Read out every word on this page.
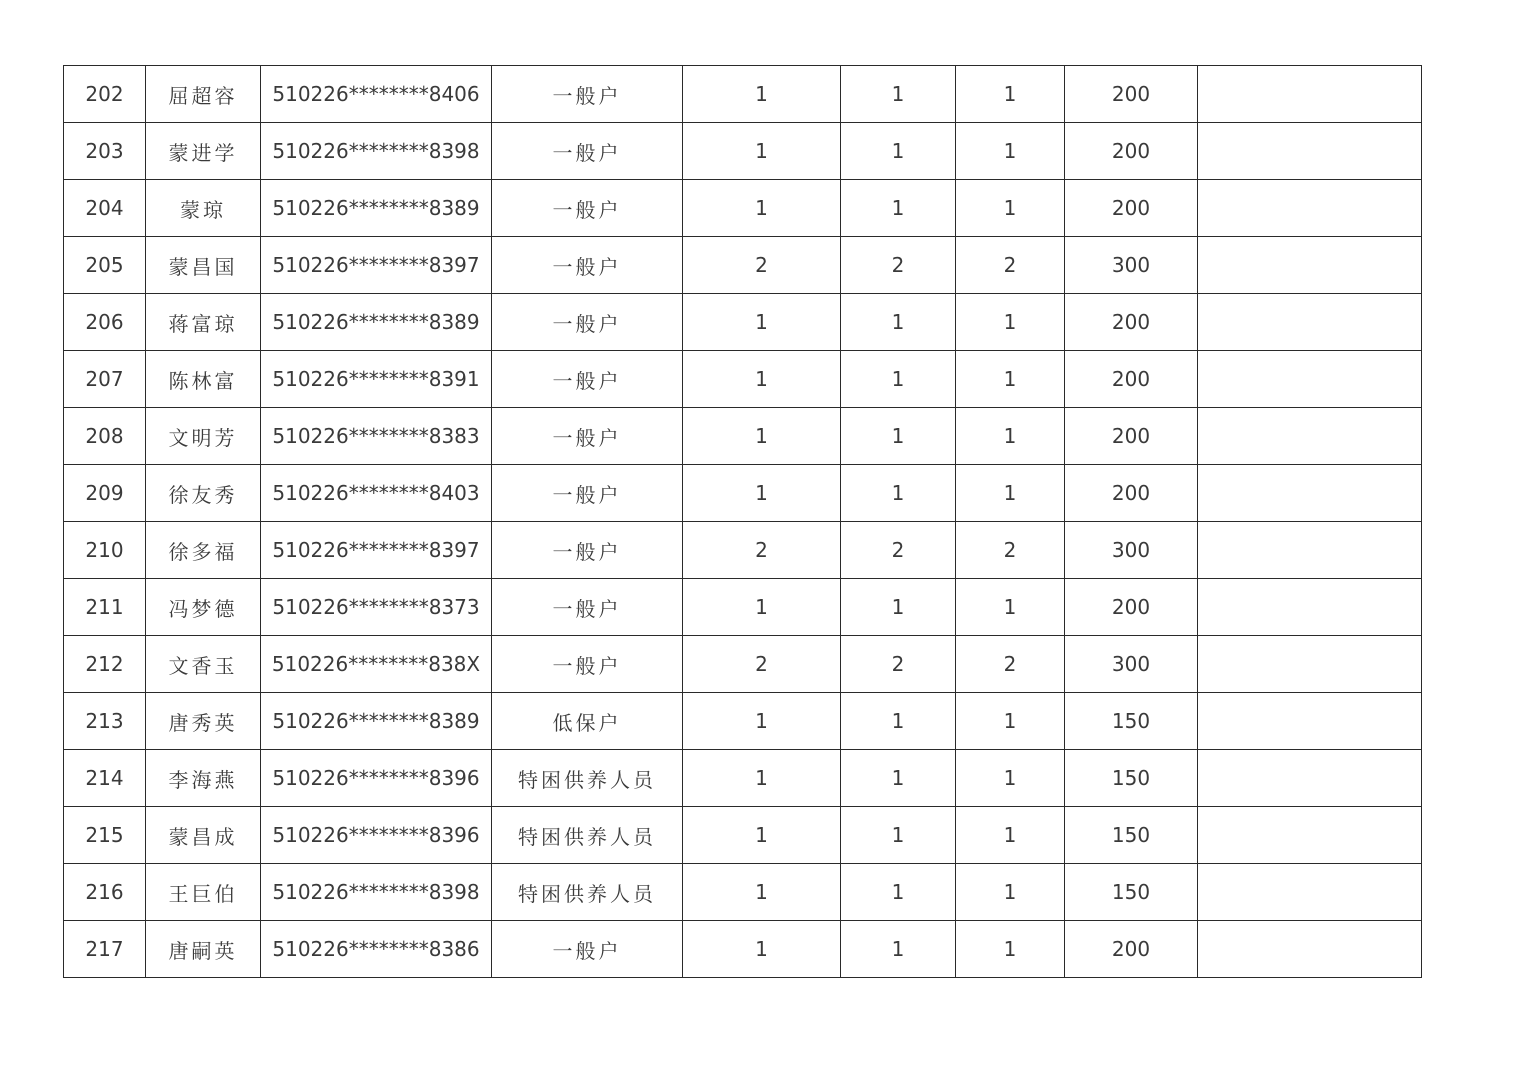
202	屈超容	510226********8406	一般户	1	1	1	200	
203	蒙进学	510226********8398	一般户	1	1	1	200	
204	蒙琼	510226********8389	一般户	1	1	1	200	
205	蒙昌国	510226********8397	一般户	2	2	2	300	
206	蒋富琼	510226********8389	一般户	1	1	1	200	
207	陈林富	510226********8391	一般户	1	1	1	200	
208	文明芳	510226********8383	一般户	1	1	1	200	
209	徐友秀	510226********8403	一般户	1	1	1	200	
210	徐多福	510226********8397	一般户	2	2	2	300	
211	冯梦德	510226********8373	一般户	1	1	1	200	
212	文香玉	510226********838X	一般户	2	2	2	300	
213	唐秀英	510226********8389	低保户	1	1	1	150	
214	李海燕	510226********8396	特困供养人员	1	1	1	150	
215	蒙昌成	510226********8396	特困供养人员	1	1	1	150	
216	王巨伯	510226********8398	特困供养人员	1	1	1	150	
217	唐嗣英	510226********8386	一般户	1	1	1	200	
